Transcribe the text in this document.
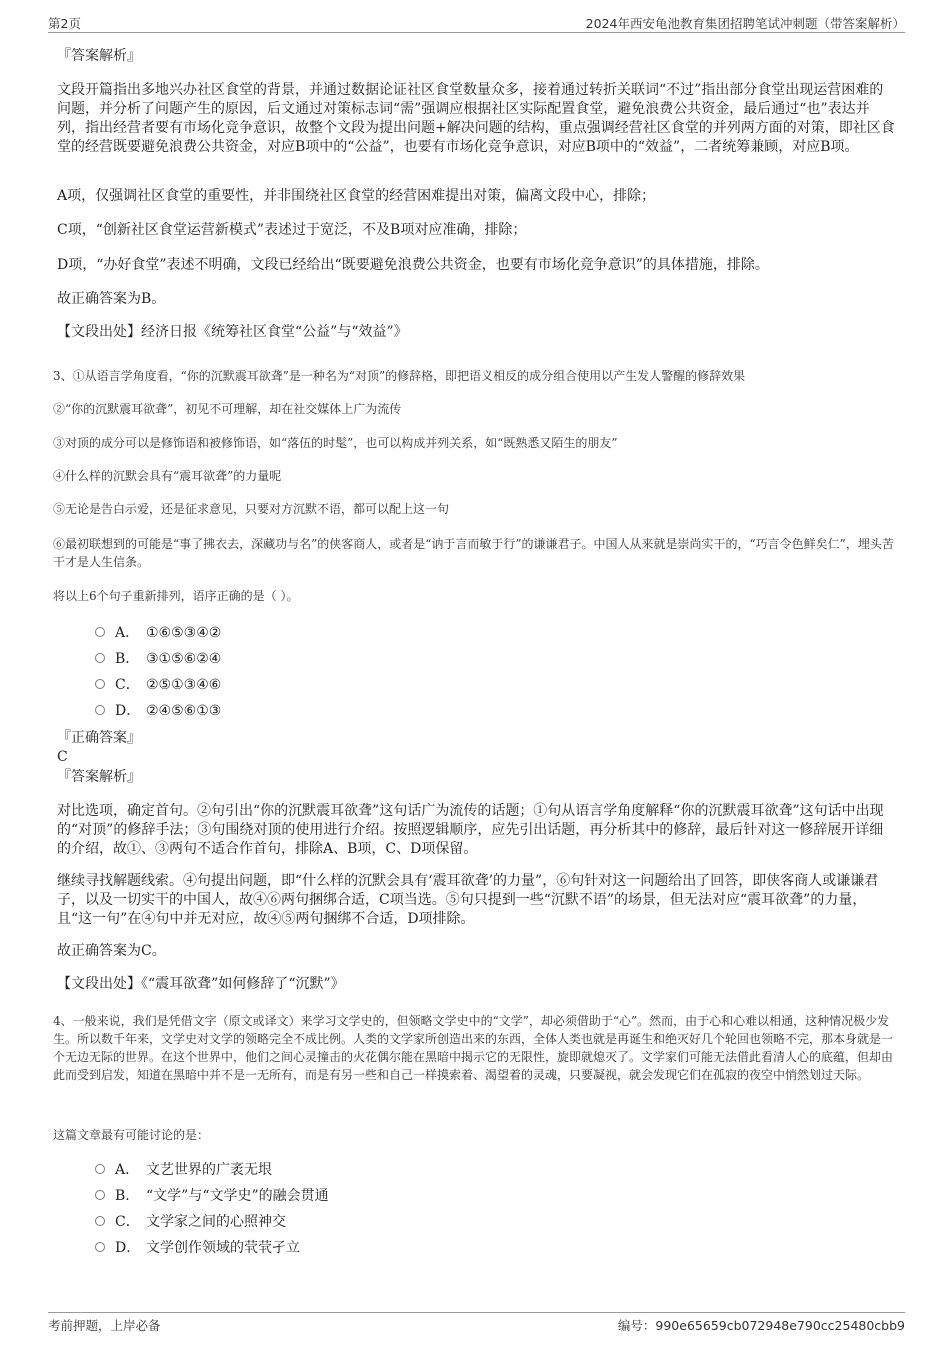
第2页	2024年西安龟池教育集团招聘笔试冲刺题（带答案解析）
『答案解析』
文段开篇指出多地兴办社区食堂的背景，并通过数据论证社区食堂数量众多，接着通过转折关联词“不过”指出部分食堂出现运营困难的问题，并分析了问题产生的原因，后文通过对策标志词“需”强调应根据社区实际配置食堂，避免浪费公共资金，最后通过“也”表达并列，指出经营者要有市场化竞争意识，故整个文段为提出问题+解决问题的结构，重点强调经营社区食堂的并列两方面的对策，即社区食堂的经营既要避免浪费公共资金，对应B项中的“公益”，也要有市场化竞争意识，对应B项中的“效益”，二者统筹兼顾，对应B项。
A项，仅强调社区食堂的重要性，并非围绕社区食堂的经营困难提出对策，偏离文段中心，排除；
C项，“创新社区食堂运营新模式”表述过于宽泛，不及B项对应准确，排除；
D项，“办好食堂”表述不明确，文段已经给出“既要避免浪费公共资金，也要有市场化竞争意识”的具体措施，排除。
故正确答案为B。
【文段出处】经济日报《统筹社区食堂“公益”与“效益”》
3、①从语言学角度看，“你的沉默震耳欲聋”是一种名为“对顶”的修辞格，即把语义相反的成分组合使用以产生发人警醒的修辞效果
②“你的沉默震耳欲聋”，初见不可理解，却在社交媒体上广为流传
③对顶的成分可以是修饰语和被修饰语，如“落伍的时髦”，也可以构成并列关系，如“既熟悉又陌生的朋友”
④什么样的沉默会具有“震耳欲聋”的力量呢
⑤无论是告白示爱，还是征求意见，只要对方沉默不语，都可以配上这一句
⑥最初联想到的可能是“事了拂衣去，深藏功与名”的侠客商人，或者是“讷于言而敏于行”的谦谦君子。中国人从来就是崇尚实干的，“巧言令色鲜矣仁”，埋头苦干才是人生信条。
将以上6个句子重新排列，语序正确的是（ ）。
A． ①⑥⑤③④②
B． ③①⑤⑥②④
C． ②⑤①③④⑥
D． ②④⑤⑥①③
『正确答案』
C
『答案解析』
对比选项，确定首句。②句引出“你的沉默震耳欲聋”这句话广为流传的话题；①句从语言学角度解释“你的沉默震耳欲聋”这句话中出现的“对顶”的修辞手法；③句围绕对顶的使用进行介绍。按照逻辑顺序，应先引出话题，再分析其中的修辞，最后针对这一修辞展开详细的介绍，故①、③两句不适合作首句，排除A、B项，C、D项保留。
继续寻找解题线索。④句提出问题，即“什么样的沉默会具有‘震耳欲聋’的力量”，⑥句针对这一问题给出了回答，即侠客商人或谦谦君子，以及一切实干的中国人，故④⑥两句捆绑合适，C项当选。⑤句只提到一些“沉默不语”的场景，但无法对应“震耳欲聋”的力量，且“这一句”在④句中并无对应，故④⑤两句捆绑不合适，D项排除。
故正确答案为C。
【文段出处】《“震耳欲聋”如何修辞了“沉默”》
4、一般来说，我们是凭借文字（原文或译文）来学习文学史的，但领略文学史中的“文学”，却必须借助于“心”。然而，由于心和心难以相通，这种情况极少发生。所以数千年来，文学史对文学的领略完全不成比例。人类的文学家所创造出来的东西，全体人类也就是再诞生和绝灭好几个轮回也领略不完，那本身就是一个无边无际的世界。在这个世界中，他们之间心灵撞击的火花偶尔能在黑暗中揭示它的无限性，旋即就熄灭了。文学家们可能无法借此看清人心的底蕴，但却由此而受到启发，知道在黑暗中并不是一无所有，而是有另一些和自己一样摸索着、渴望着的灵魂，只要凝视，就会发现它们在孤寂的夜空中悄然划过天际。
这篇文章最有可能讨论的是：
A． 文艺世界的广袤无垠
B． “文学”与“文学史”的融会贯通
C． 文学家之间的心照神交
D． 文学创作领域的茕茕孑立
考前押题，上岸必备	编号：990e65659cb072948e790cc25480cbb9
